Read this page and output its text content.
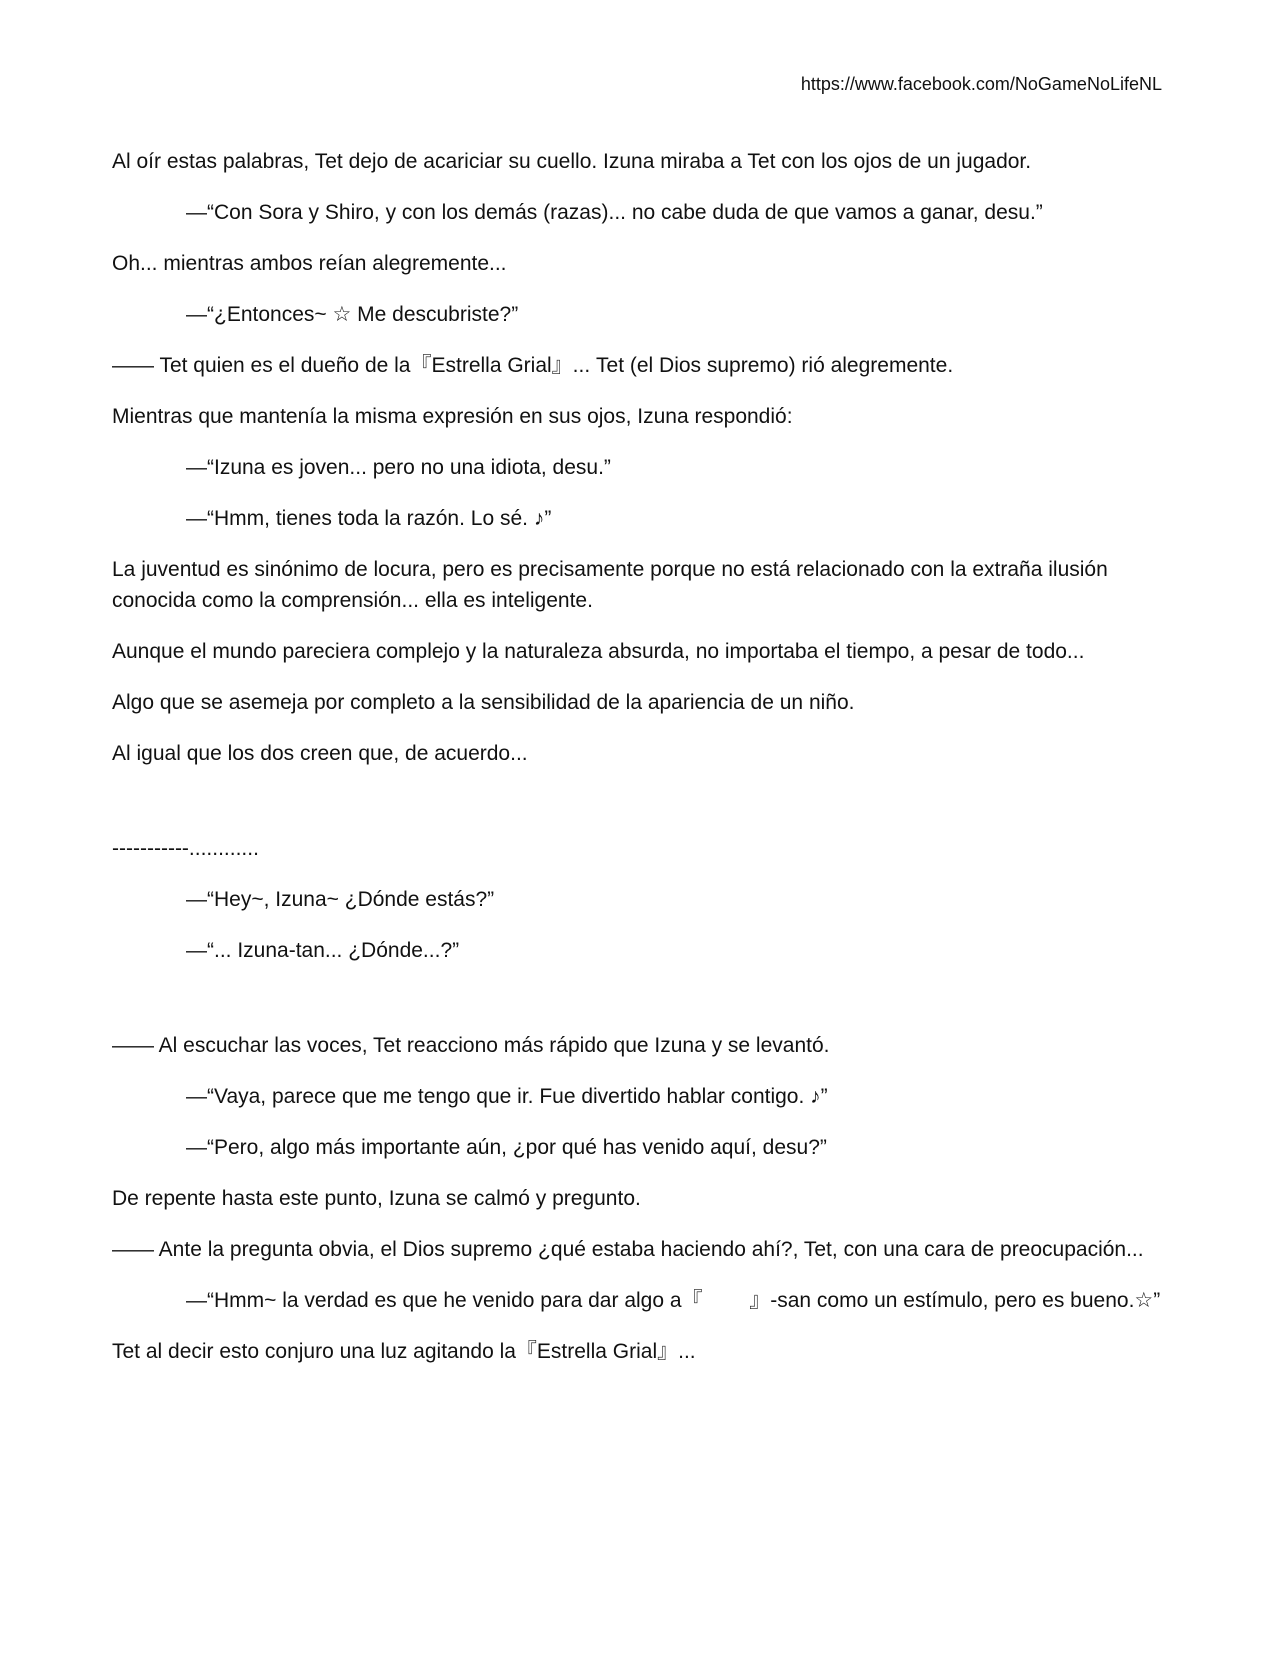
https://www.facebook.com/NoGameNoLifeNL

Al oír estas palabras, Tet dejo de acariciar su cuello. Izuna miraba a Tet con los ojos de un jugador.

—“Con Sora y Shiro, y con los demás (razas)... no cabe duda de que vamos a ganar, desu.”

Oh... mientras ambos reían alegremente...

—“¿Entonces~ ☆ Me descubriste?”

—— Tet quien es el dueño de la『Estrella Grial』... Tet (el Dios supremo) rió alegremente.

Mientras que mantenía la misma expresión en sus ojos, Izuna respondió:

—“Izuna es joven... pero no una idiota, desu.”

—“Hmm, tienes toda la razón. Lo sé. ♪”

La juventud es sinónimo de locura, pero es precisamente porque no está relacionado con la extraña ilusión conocida como la comprensión... ella es inteligente.

Aunque el mundo pareciera complejo y la naturaleza absurda, no importaba el tiempo, a pesar de todo...

Algo que se asemeja por completo a la sensibilidad de la apariencia de un niño.

Al igual que los dos creen que, de acuerdo...

-----------............

—“Hey~, Izuna~ ¿Dónde estás?”

—“... Izuna-tan... ¿Dónde...?”

—— Al escuchar las voces, Tet reacciono más rápido que Izuna y se levantó.

—“Vaya, parece que me tengo que ir. Fue divertido hablar contigo. ♪”

—“Pero, algo más importante aún, ¿por qué has venido aquí, desu?”

De repente hasta este punto, Izuna se calmó y pregunto.

—— Ante la pregunta obvia, el Dios supremo ¿qué estaba haciendo ahí?, Tet, con una cara de preocupación...

—“Hmm~ la verdad es que he venido para dar algo a『        』-san como un estímulo, pero es bueno.☆”

Tet al decir esto conjuro una luz agitando la『Estrella Grial』...
